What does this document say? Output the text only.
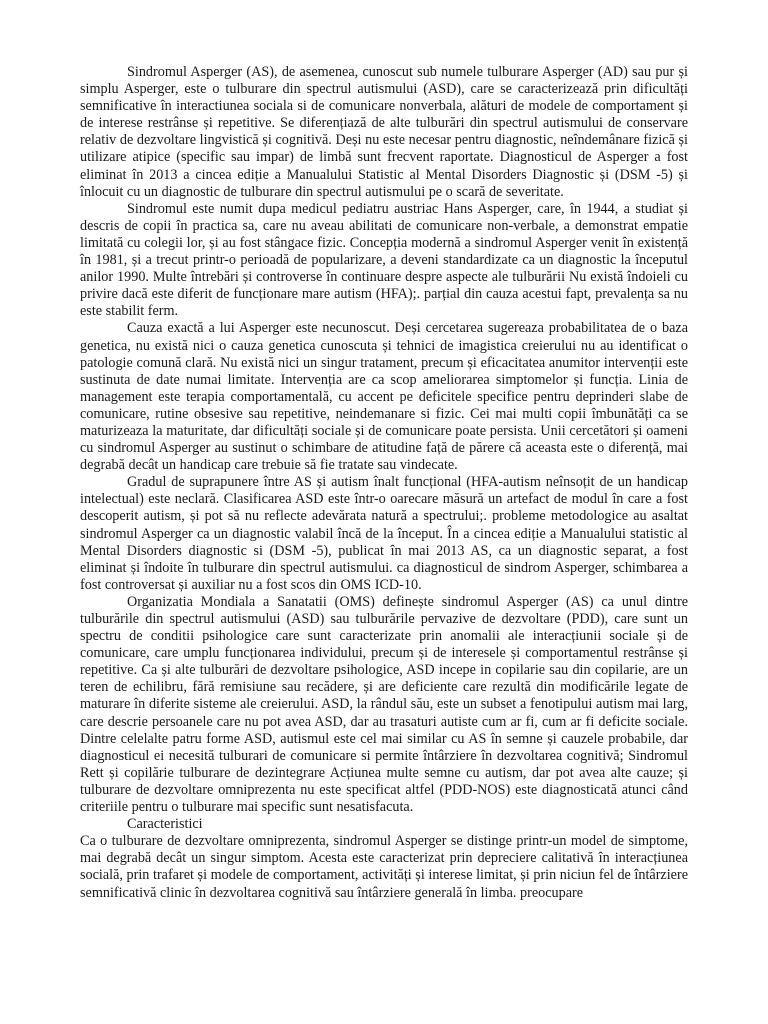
Sindromul Asperger (AS), de asemenea, cunoscut sub numele tulburare Asperger (AD) sau pur și simplu Asperger, este o tulburare din spectrul autismului (ASD), care se caracterizează prin dificultăți semnificative în interactiunea sociala si de comunicare nonverbala, alături de modele de comportament și de interese restrânse și repetitive. Se diferențiază de alte tulburări din spectrul autismului de conservare relativ de dezvoltare lingvistică și cognitivă. Deși nu este necesar pentru diagnostic, neîndemânare fizică și utilizare atipice (specific sau impar) de limbă sunt frecvent raportate. Diagnosticul de Asperger a fost eliminat în 2013 a cincea ediție a Manualului Statistic al Mental Disorders Diagnostic și (DSM -5) și înlocuit cu un diagnostic de tulburare din spectrul autismului pe o scară de severitate.

Sindromul este numit dupa medicul pediatru austriac Hans Asperger, care, în 1944, a studiat și descris de copii în practica sa, care nu aveau abilitati de comunicare non-verbale, a demonstrat empatie limitată cu colegii lor, și au fost stângace fizic. Concepția modernă a sindromul Asperger venit în existență în 1981, și a trecut printr-o perioadă de popularizare, a deveni standardizate ca un diagnostic la începutul anilor 1990. Multe întrebări și controverse în continuare despre aspecte ale tulburării Nu există îndoieli cu privire dacă este diferit de funcționare mare autism (HFA);. parțial din cauza acestui fapt, prevalența sa nu este stabilit ferm.

Cauza exactă a lui Asperger este necunoscut. Deși cercetarea sugereaza probabilitatea de o baza genetica, nu există nici o cauza genetica cunoscuta și tehnici de imagistica creierului nu au identificat o patologie comună clară. Nu există nici un singur tratament, precum și eficacitatea anumitor intervenții este sustinuta de date numai limitate. Intervenția are ca scop ameliorarea simptomelor și funcția. Linia de management este terapia comportamentală, cu accent pe deficitele specifice pentru deprinderi slabe de comunicare, rutine obsesive sau repetitive, neindemanare si fizic. Cei mai multi copii îmbunătăți ca se maturizeaza la maturitate, dar dificultăți sociale și de comunicare poate persista. Unii cercetători și oameni cu sindromul Asperger au sustinut o schimbare de atitudine față de părere că aceasta este o diferență, mai degrabă decât un handicap care trebuie să fie tratate sau vindecate.

Gradul de suprapunere între AS și autism înalt funcțional (HFA-autism neînsoțit de un handicap intelectual) este neclară. Clasificarea ASD este într-o oarecare măsură un artefact de modul în care a fost descoperit autism, și pot să nu reflecte adevărata natură a spectrului;. probleme metodologice au asaltat sindromul Asperger ca un diagnostic valabil încă de la început. În a cincea ediție a Manualului statistic al Mental Disorders diagnostic si (DSM -5), publicat în mai 2013 AS, ca un diagnostic separat, a fost eliminat și îndoite în tulburare din spectrul autismului. ca diagnosticul de sindrom Asperger, schimbarea a fost controversat și auxiliar nu a fost scos din OMS ICD-10.

Organizatia Mondiala a Sanatatii (OMS) definește sindromul Asperger (AS) ca unul dintre tulburările din spectrul autismului (ASD) sau tulburările pervazive de dezvoltare (PDD), care sunt un spectru de conditii psihologice care sunt caracterizate prin anomalii ale interacțiunii sociale și de comunicare, care umplu funcționarea individului, precum și de interesele și comportamentul restrânse și repetitive. Ca și alte tulburări de dezvoltare psihologice, ASD incepe in copilarie sau din copilarie, are un teren de echilibru, fără remisiune sau recădere, și are deficiente care rezultă din modificările legate de maturare în diferite sisteme ale creierului. ASD, la rândul său, este un subset a fenotipului autism mai larg, care descrie persoanele care nu pot avea ASD, dar au trasaturi autiste cum ar fi, cum ar fi deficite sociale. Dintre celelalte patru forme ASD, autismul este cel mai similar cu AS în semne și cauzele probabile, dar diagnosticul ei necesită tulburari de comunicare si permite întârziere în dezvoltarea cognitivă; Sindromul Rett și copilărie tulburare de dezintegrare Acțiunea multe semne cu autism, dar pot avea alte cauze; și tulburare de dezvoltare omniprezenta nu este specificat altfel (PDD-NOS) este diagnosticată atunci când criteriile pentru o tulburare mai specific sunt nesatisfacuta.

Caracteristici

Ca o tulburare de dezvoltare omniprezenta, sindromul Asperger se distinge printr-un model de simptome, mai degrabă decât un singur simptom. Acesta este caracterizat prin depreciere calitativă în interacțiunea socială, prin trafaret și modele de comportament, activități și interese limitat, și prin niciun fel de întârziere semnificativă clinic în dezvoltarea cognitivă sau întârziere generală în limba. preocupare
